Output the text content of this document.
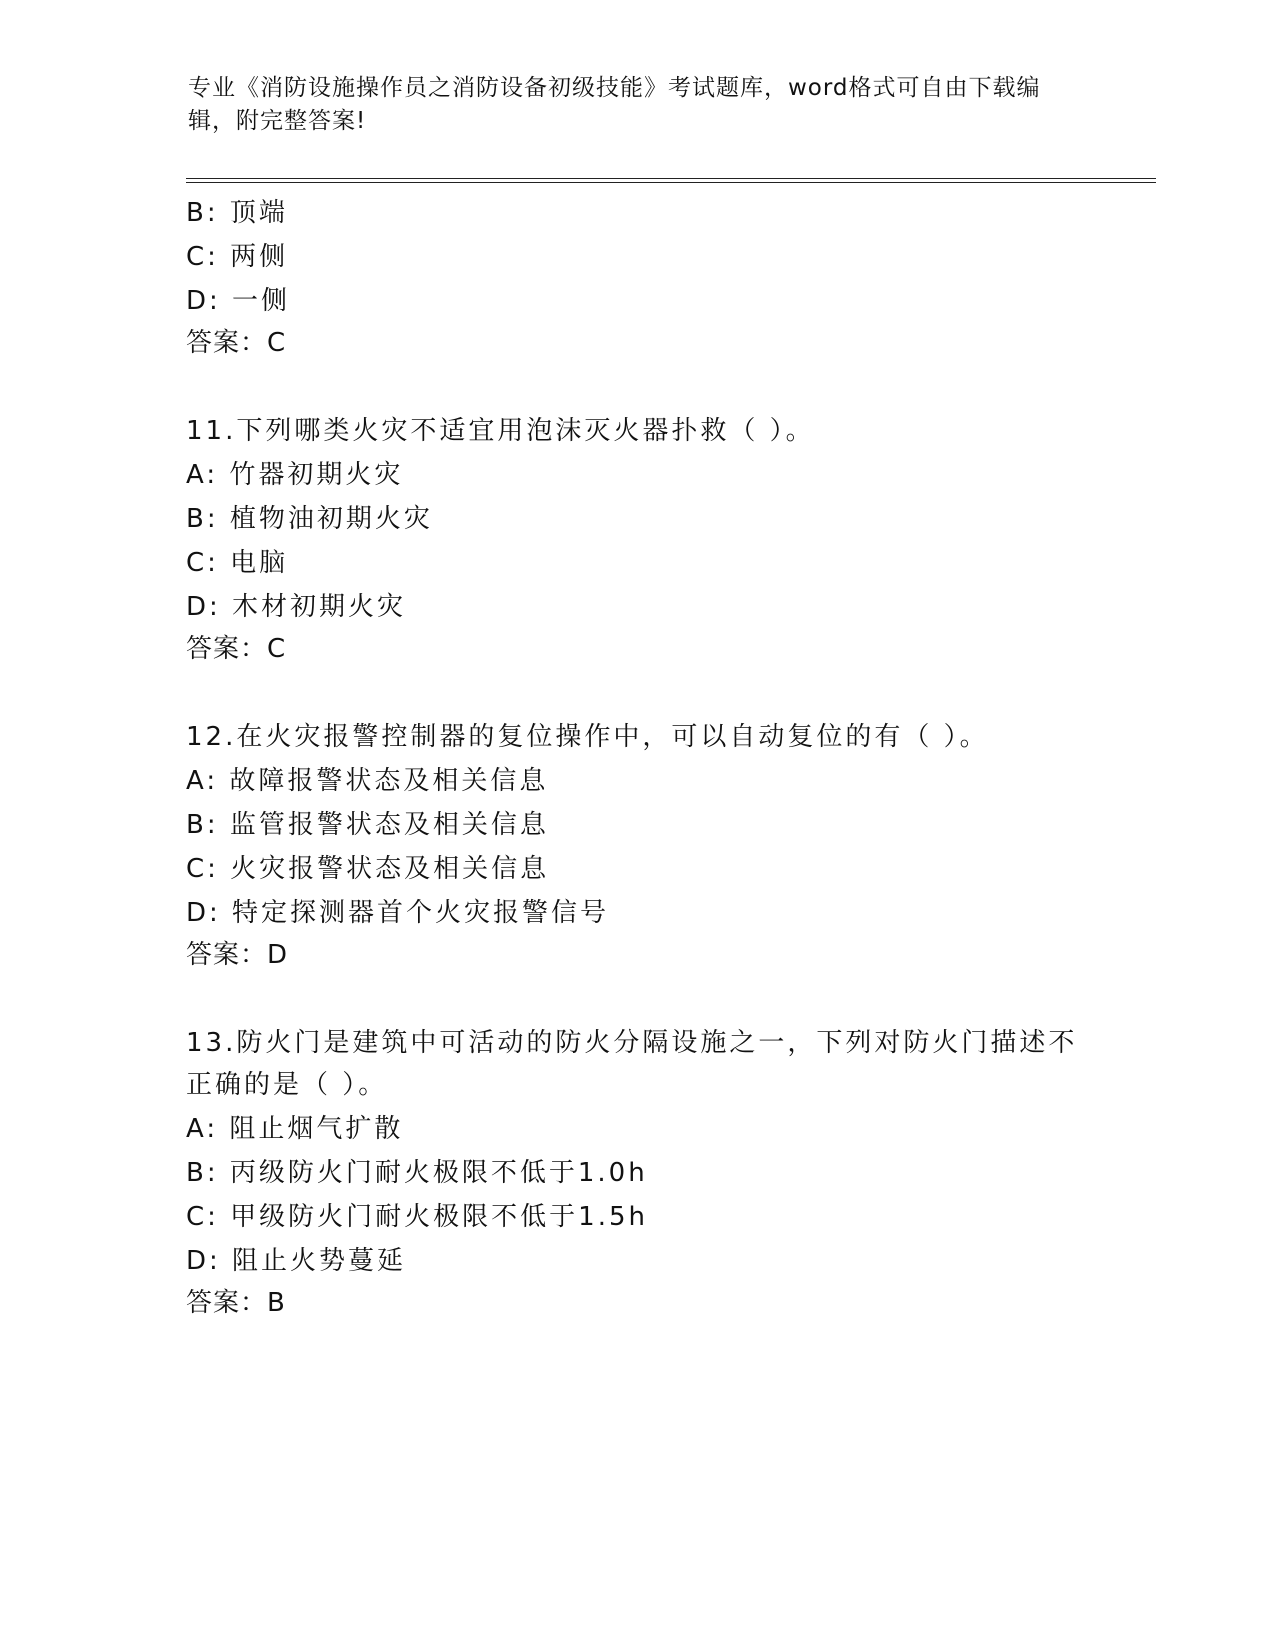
专业《消防设施操作员之消防设备初级技能》考试题库，word格式可自由下载编
辑，附完整答案!
B: 顶端
C: 两侧
D: 一侧
答案：C
11.下列哪类火灾不适宜用泡沫灭火器扑救（ ）。
A: 竹器初期火灾
B: 植物油初期火灾
C: 电脑
D: 木材初期火灾
答案：C
12.在火灾报警控制器的复位操作中，可以自动复位的有（ ）。
A: 故障报警状态及相关信息
B: 监管报警状态及相关信息
C: 火灾报警状态及相关信息
D: 特定探测器首个火灾报警信号
答案：D
13.防火门是建筑中可活动的防火分隔设施之一，下列对防火门描述不
正确的是（ ）。
A: 阻止烟气扩散
B: 丙级防火门耐火极限不低于1.0h
C: 甲级防火门耐火极限不低于1.5h
D: 阻止火势蔓延
答案：B
